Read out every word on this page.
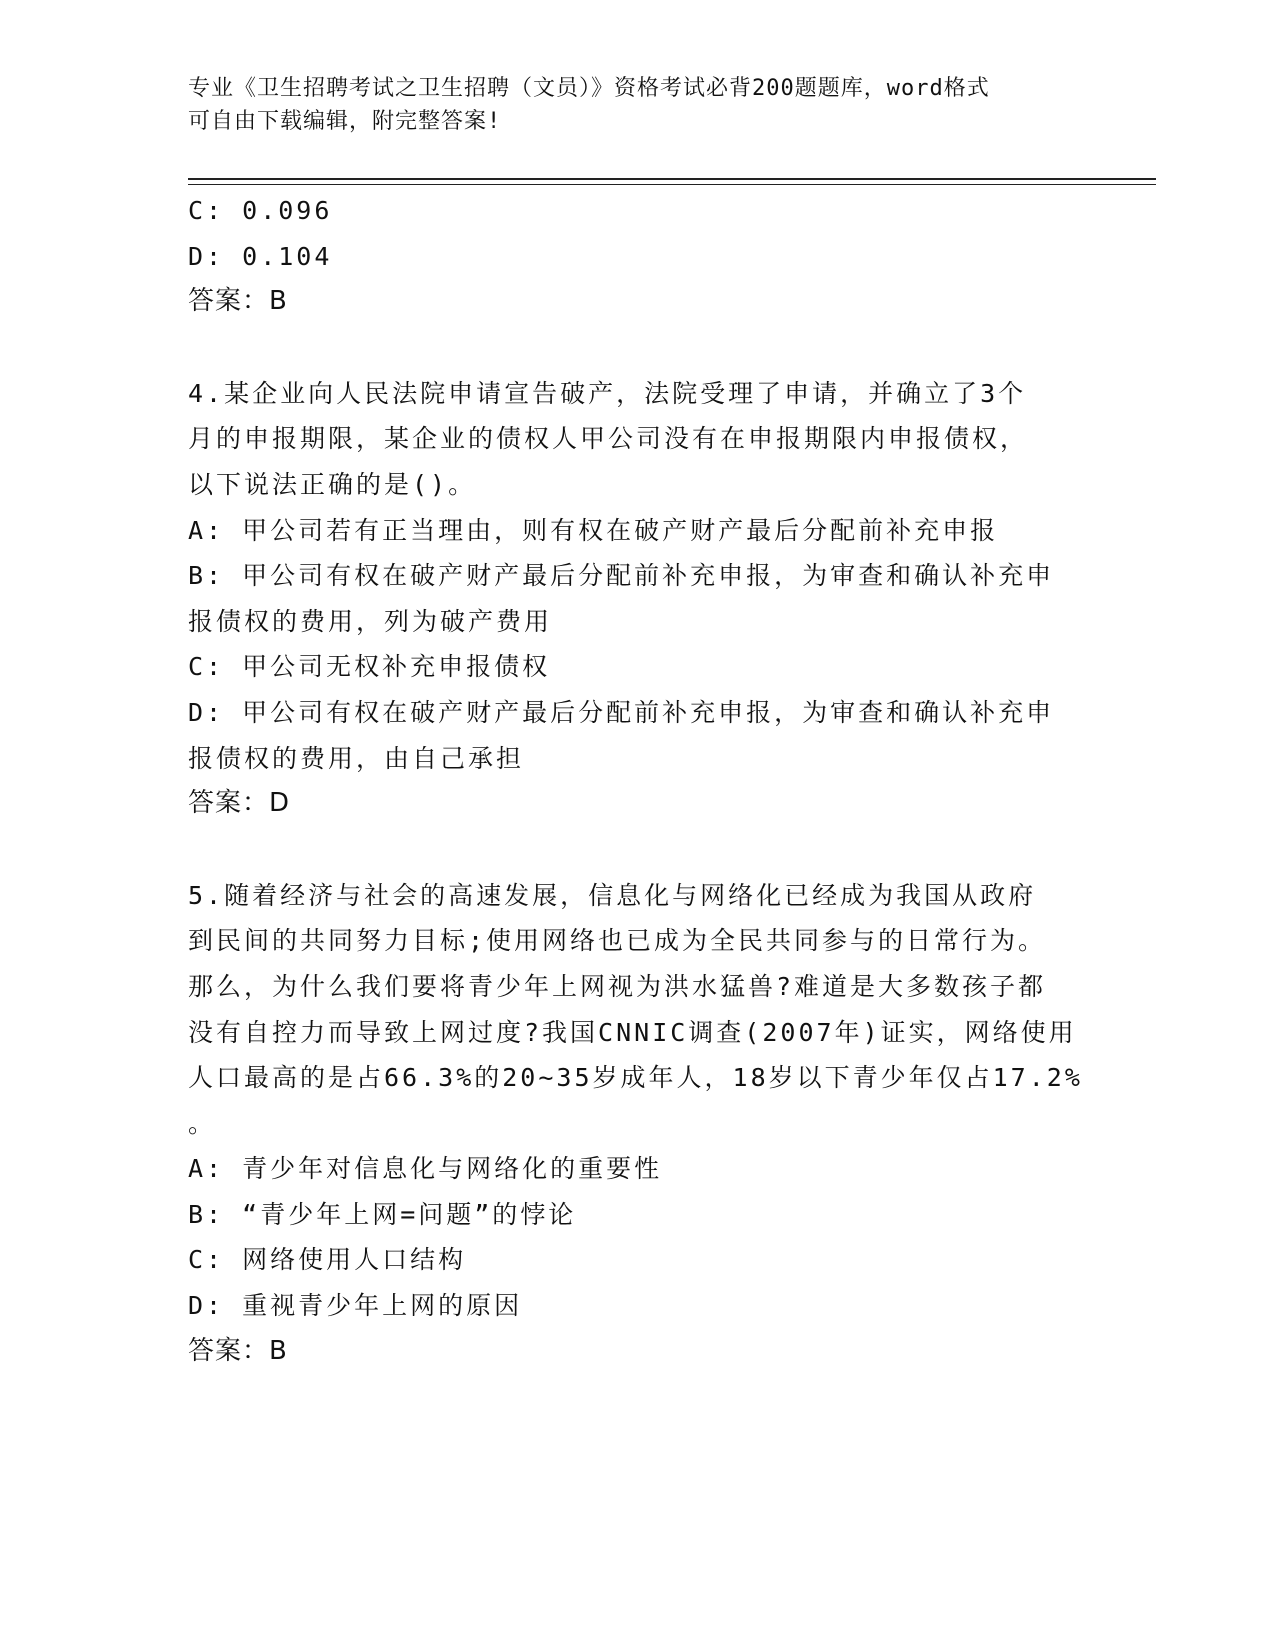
专业《卫生招聘考试之卫生招聘（文员）》资格考试必背200题题库，word格式
可自由下载编辑，附完整答案!
C: 0.096
D: 0.104
答案：B
4.某企业向人民法院申请宣告破产，法院受理了申请，并确立了3个
月的申报期限，某企业的债权人甲公司没有在申报期限内申报债权，
以下说法正确的是()。
A: 甲公司若有正当理由，则有权在破产财产最后分配前补充申报
B: 甲公司有权在破产财产最后分配前补充申报，为审查和确认补充申
报债权的费用，列为破产费用
C: 甲公司无权补充申报债权
D: 甲公司有权在破产财产最后分配前补充申报，为审查和确认补充申
报债权的费用，由自己承担
答案：D
5.随着经济与社会的高速发展，信息化与网络化已经成为我国从政府
到民间的共同努力目标;使用网络也已成为全民共同参与的日常行为。
那么，为什么我们要将青少年上网视为洪水猛兽?难道是大多数孩子都
没有自控力而导致上网过度?我国CNNIC调查(2007年)证实，网络使用
人口最高的是占66.3%的20~35岁成年人，18岁以下青少年仅占17.2%
。
A: 青少年对信息化与网络化的重要性
B: “青少年上网=问题”的悖论
C: 网络使用人口结构
D: 重视青少年上网的原因
答案：B
